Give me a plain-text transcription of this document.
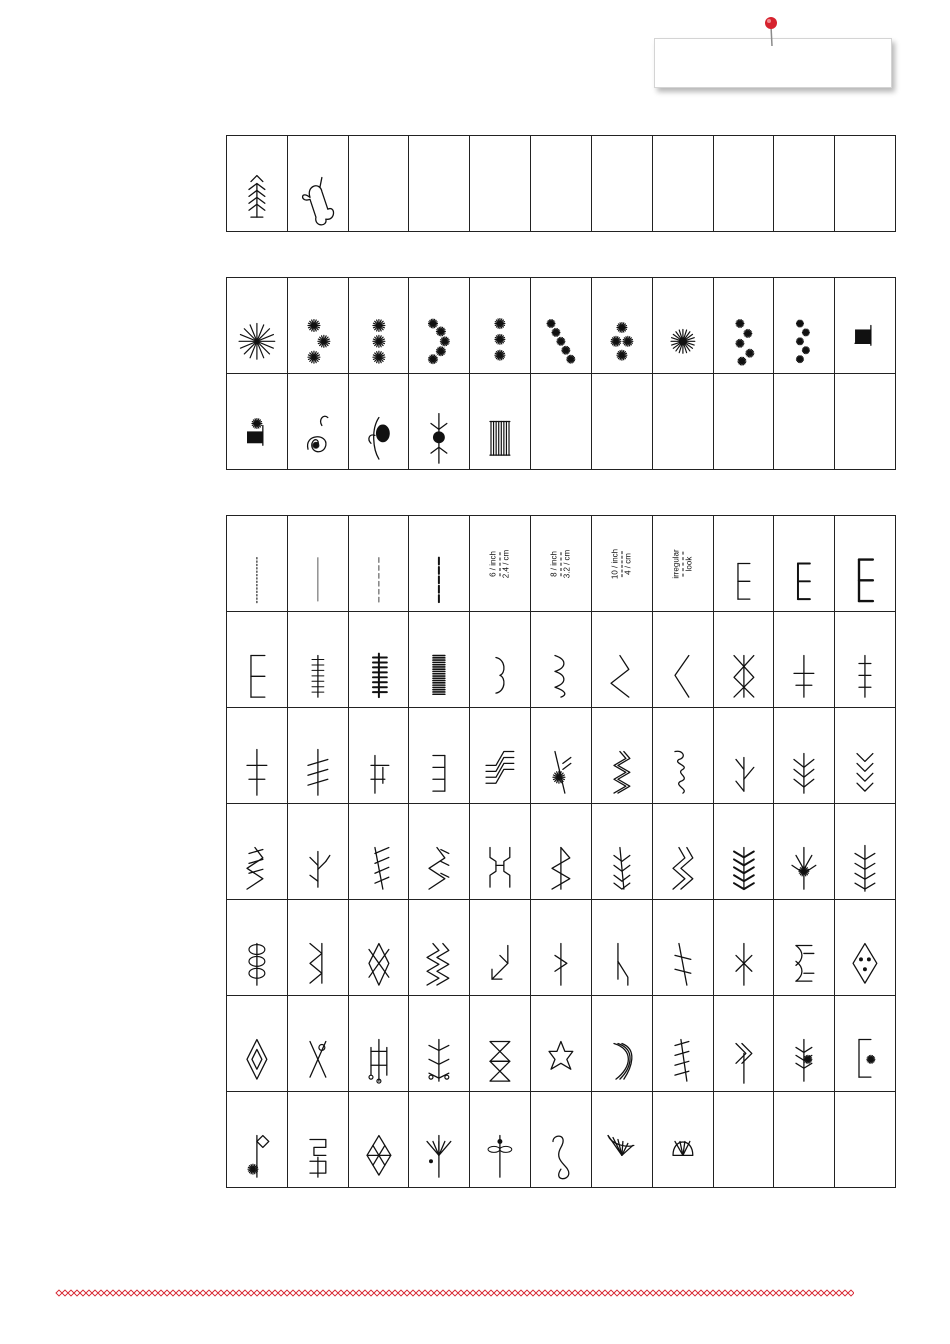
6 / inch 2.4 / cm	8 / inch 3.2 / cm	10 / inch 4 / cm	irregular look
